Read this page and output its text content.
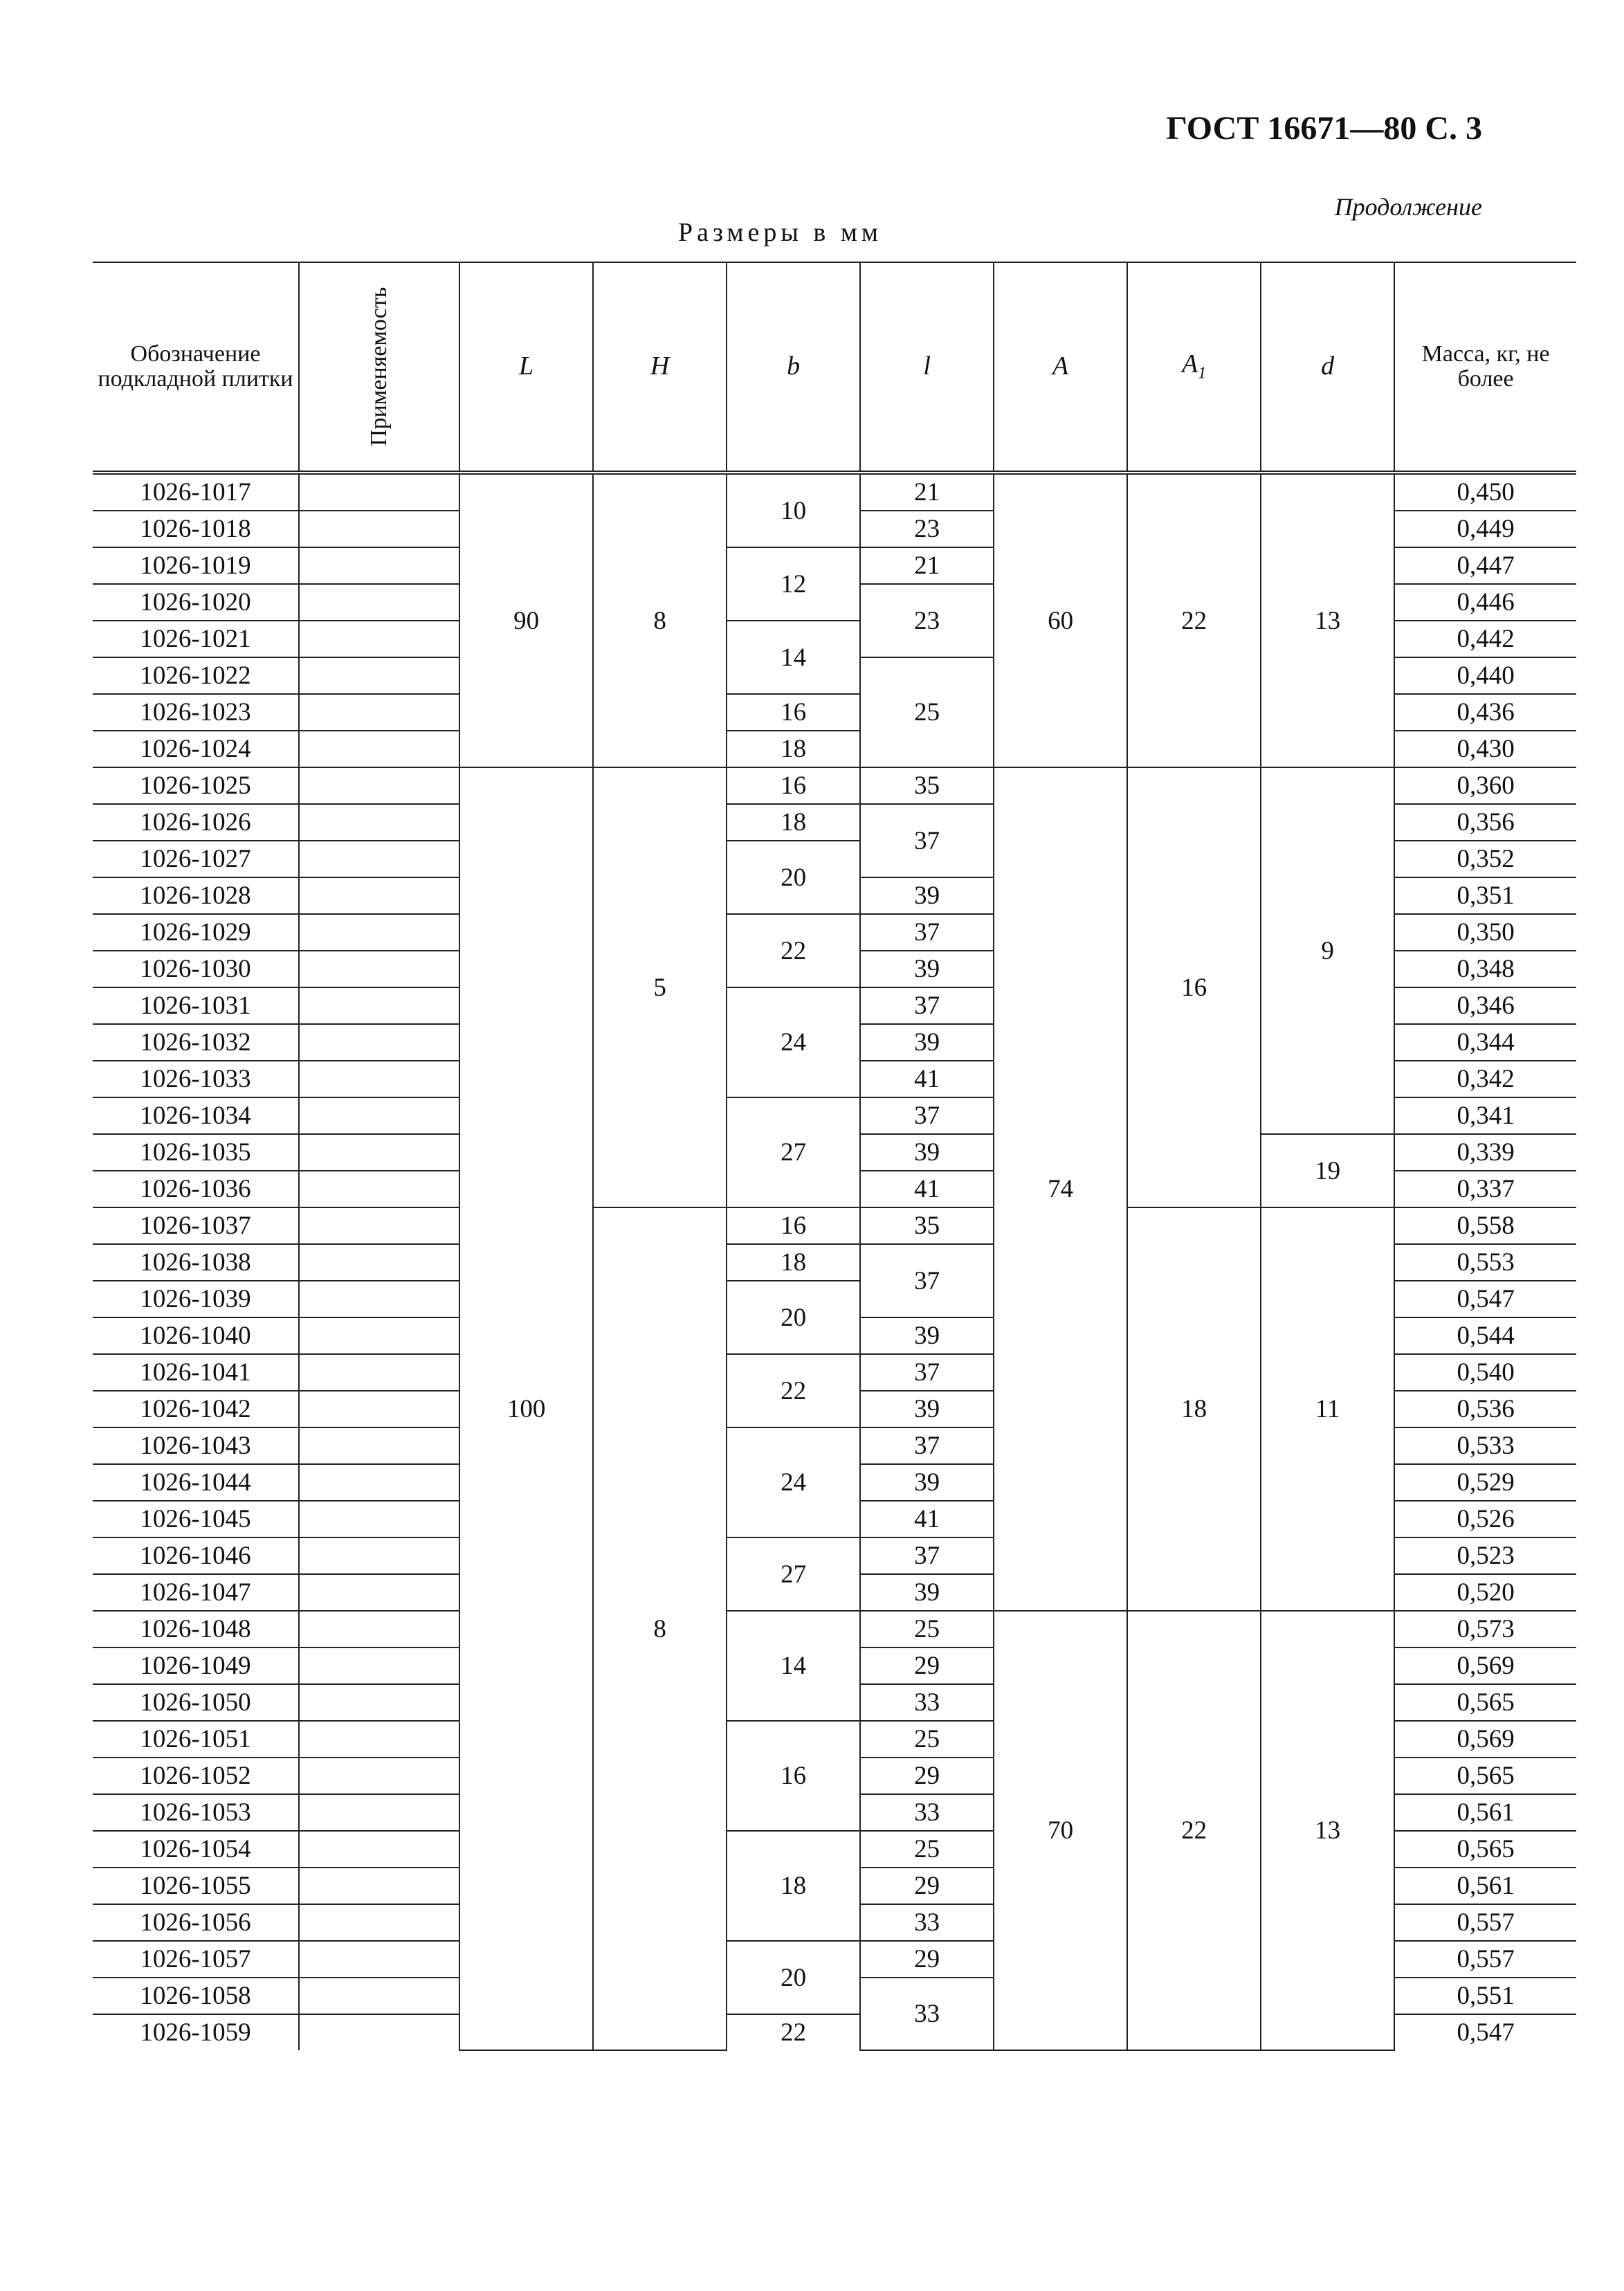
ГОСТ 16671—80 С. 3
Продолжение
Размеры в мм
Обозначение подкладной плитки	Применяемость	L	H	b	l	A	$A_1$	d	Масса, кг, не более
1026-1017		90	8	10	21	60	22	13	0,450
1026-1018					23				0,449
1026-1019				12	21				0,447
1026-1020					23				0,446
1026-1021				14					0,442
1026-1022					25				0,440
1026-1023				16					0,436
1026-1024				18					0,430
1026-1025		100	5	16	35	74	16	9	0,360
1026-1026				18	37				0,356
1026-1027				20					0,352
1026-1028					39				0,351
1026-1029				22	37				0,350
1026-1030					39				0,348
1026-1031				24	37				0,346
1026-1032					39				0,344
1026-1033					41				0,342
1026-1034				27	37				0,341
1026-1035					39			19	0,339
1026-1036					41				0,337
1026-1037			8	16	35		18	11	0,558
1026-1038				18	37				0,553
1026-1039				20					0,547
1026-1040					39				0,544
1026-1041				22	37				0,540
1026-1042					39				0,536
1026-1043				24	37				0,533
1026-1044					39				0,529
1026-1045					41				0,526
1026-1046				27	37				0,523
1026-1047					39				0,520
1026-1048				14	25	70	22	13	0,573
1026-1049					29				0,569
1026-1050					33				0,565
1026-1051				16	25				0,569
1026-1052					29				0,565
1026-1053					33				0,561
1026-1054				18	25				0,565
1026-1055					29				0,561
1026-1056					33				0,557
1026-1057				20	29				0,557
1026-1058					33				0,551
1026-1059				22					0,547
